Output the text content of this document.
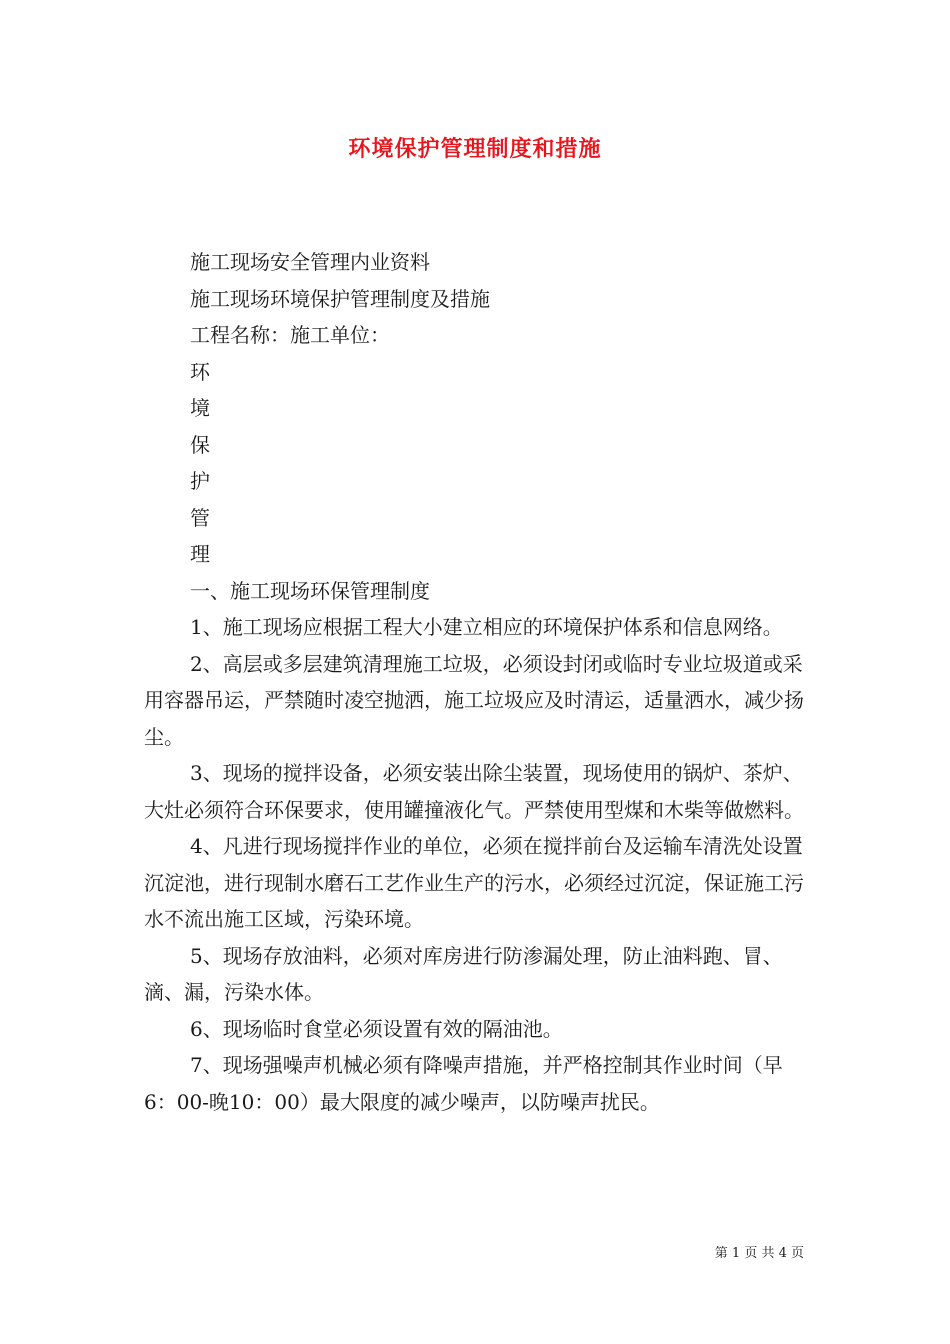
环境保护管理制度和措施

施工现场安全管理内业资料

施工现场环境保护管理制度及措施

工程名称：施工单位：

环

境

保

护

管

理

一、施工现场环保管理制度

1、施工现场应根据工程大小建立相应的环境保护体系和信息网络。

2、高层或多层建筑清理施工垃圾，必须设封闭或临时专业垃圾道或采用容器吊运，严禁随时凌空抛洒，施工垃圾应及时清运，适量洒水，减少扬尘。

3、现场的搅拌设备，必须安装出除尘装置，现场使用的锅炉、茶炉、大灶必须符合环保要求，使用罐撞液化气。严禁使用型煤和木柴等做燃料。

4、凡进行现场搅拌作业的单位，必须在搅拌前台及运输车清洗处设置沉淀池，进行现制水磨石工艺作业生产的污水，必须经过沉淀，保证施工污水不流出施工区域，污染环境。

5、现场存放油料，必须对库房进行防渗漏处理，防止油料跑、冒、滴、漏，污染水体。

6、现场临时食堂必须设置有效的隔油池。

7、现场强噪声机械必须有降噪声措施，并严格控制其作业时间（早6：00-晚10：00）最大限度的减少噪声，以防噪声扰民。

第 1 页 共 4 页
